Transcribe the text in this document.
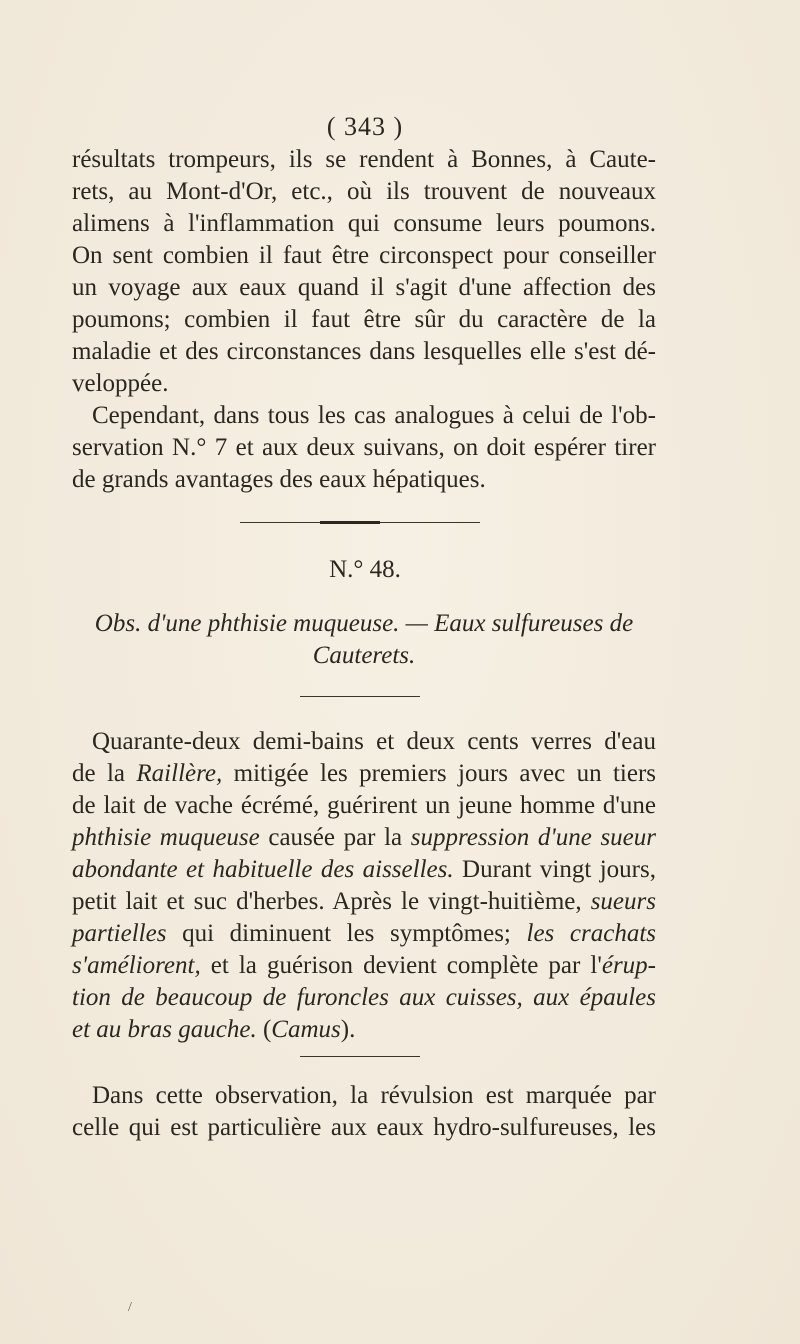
( 343 )
résultats trompeurs, ils se rendent à Bonnes, à Caute-
rets, au Mont-d'Or, etc., où ils trouvent de nouveaux
alimens à l'inflammation qui consume leurs poumons.
On sent combien il faut être circonspect pour conseiller
un voyage aux eaux quand il s'agit d'une affection des
poumons; combien il faut être sûr du caractère de la
maladie et des circonstances dans lesquelles elle s'est dé-
veloppée.
Cependant, dans tous les cas analogues à celui de l'ob-
servation N.° 7 et aux deux suivans, on doit espérer tirer
de grands avantages des eaux hépatiques.
N.° 48.
Obs. d'une phthisie muqueuse. — Eaux sulfureuses de
Cauterets.
Quarante-deux demi-bains et deux cents verres d'eau
de la Raillère, mitigée les premiers jours avec un tiers
de lait de vache écrémé, guérirent un jeune homme d'une
phthisie muqueuse causée par la suppression d'une sueur
abondante et habituelle des aisselles. Durant vingt jours,
petit lait et suc d'herbes. Après le vingt-huitième, sueurs
partielles qui diminuent les symptômes; les crachats
s'améliorent, et la guérison devient complète par l'érup-
tion de beaucoup de furoncles aux cuisses, aux épaules
et au bras gauche. (Camus).
Dans cette observation, la révulsion est marquée par
celle qui est particulière aux eaux hydro-sulfureuses, les
/
